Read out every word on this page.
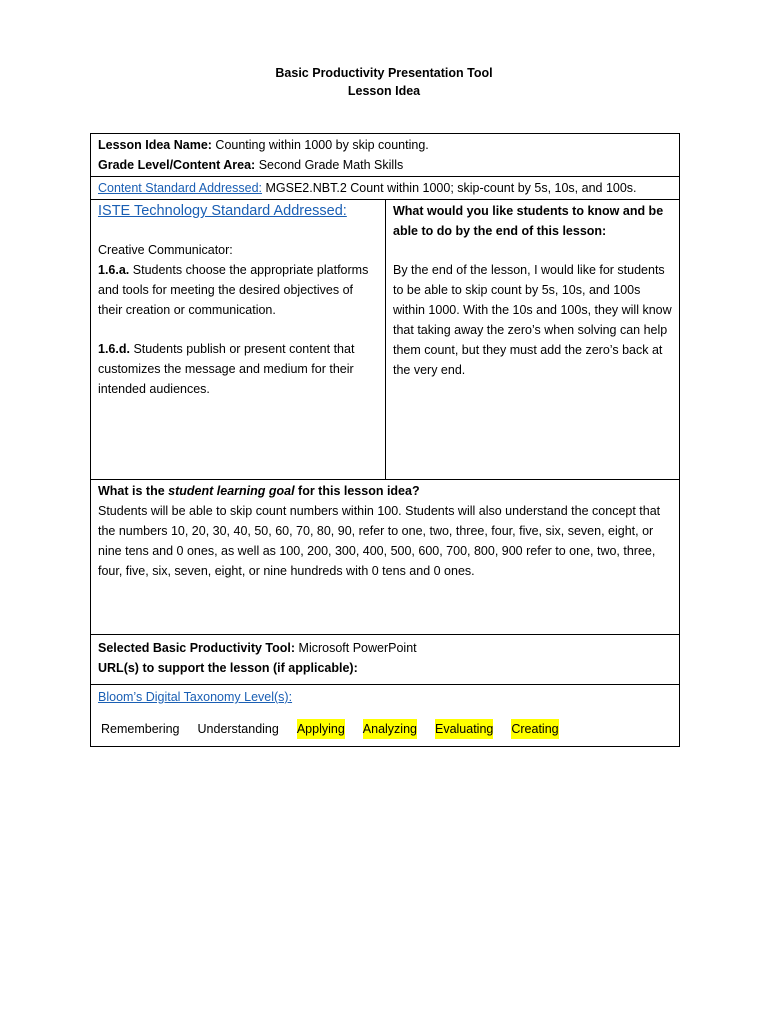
Basic Productivity Presentation Tool
Lesson Idea
Lesson Idea Name: Counting within 1000 by skip counting.
Grade Level/Content Area: Second Grade Math Skills

Content Standard Addressed: MGSE2.NBT.2 Count within 1000; skip-count by 5s, 10s, and 100s.

ISTE Technology Standard Addressed:
Creative Communicator:
1.6.a. Students choose the appropriate platforms and tools for meeting the desired objectives of their creation or communication.
1.6.d. Students publish or present content that customizes the message and medium for their intended audiences.

What would you like students to know and be able to do by the end of this lesson:
By the end of the lesson, I would like for students to be able to skip count by 5s, 10s, and 100s within 1000. With the 10s and 100s, they will know that taking away the zero’s when solving can help them count, but they must add the zero’s back at the very end.

What is the student learning goal for this lesson idea?
Students will be able to skip count numbers within 100. Students will also understand the concept that the numbers 10, 20, 30, 40, 50, 60, 70, 80, 90, refer to one, two, three, four, five, six, seven, eight, or nine tens and 0 ones, as well as 100, 200, 300, 400, 500, 600, 700, 800, 900 refer to one, two, three, four, five, six, seven, eight, or nine hundreds with 0 tens and 0 ones.

Selected Basic Productivity Tool: Microsoft PowerPoint
URL(s) to support the lesson (if applicable):

Bloom’s Digital Taxonomy Level(s):
Remembering Understanding Applying Analyzing Evaluating Creating
